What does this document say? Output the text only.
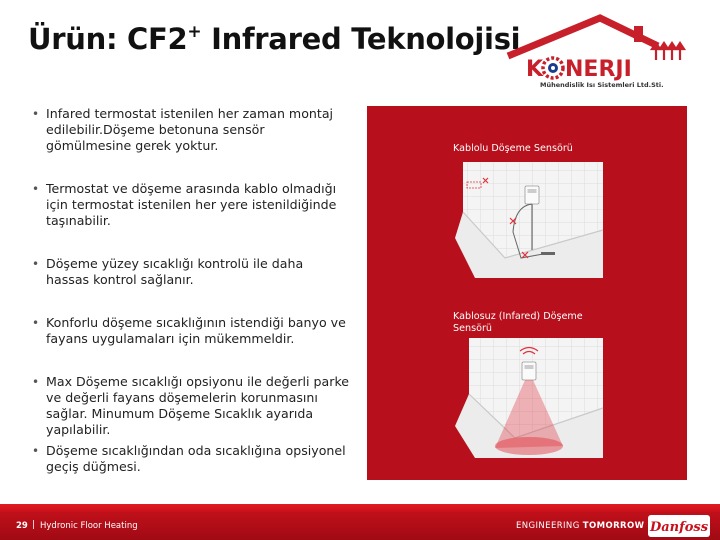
Ürün: CF2+ Infrared Teknolojisi
K NERJI
Mühendislik Isı Sistemleri Ltd.Sti.
• Infared termostat istenilen her zaman montaj edilebilir.Döşeme betonuna sensör gömülmesine gerek yoktur.
• Termostat ve döşeme arasında kablo olmadığı için termostat istenilen her yere istenildiğinde taşınabilir.
• Döşeme yüzey sıcaklığı kontrolü ile daha hassas kontrol sağlanır.
• Konforlu döşeme sıcaklığının istendiği banyo ve fayans uygulamaları için mükemmeldir.
• Max Döşeme sıcaklığı opsiyonu ile değerli parke ve değerli fayans döşemelerin korunmasını sağlar. Minumum Döşeme Sıcaklık ayarıda yapılabilir.
• Döşeme sıcaklığından oda sıcaklığına opsiyonel geçiş düğmesi.
Kablolu Döşeme Sensörü
Kablosuz (Infared) Döşeme Sensörü
29 | Hydronic Floor Heating	ENGINEERING TOMORROW Danfoss
